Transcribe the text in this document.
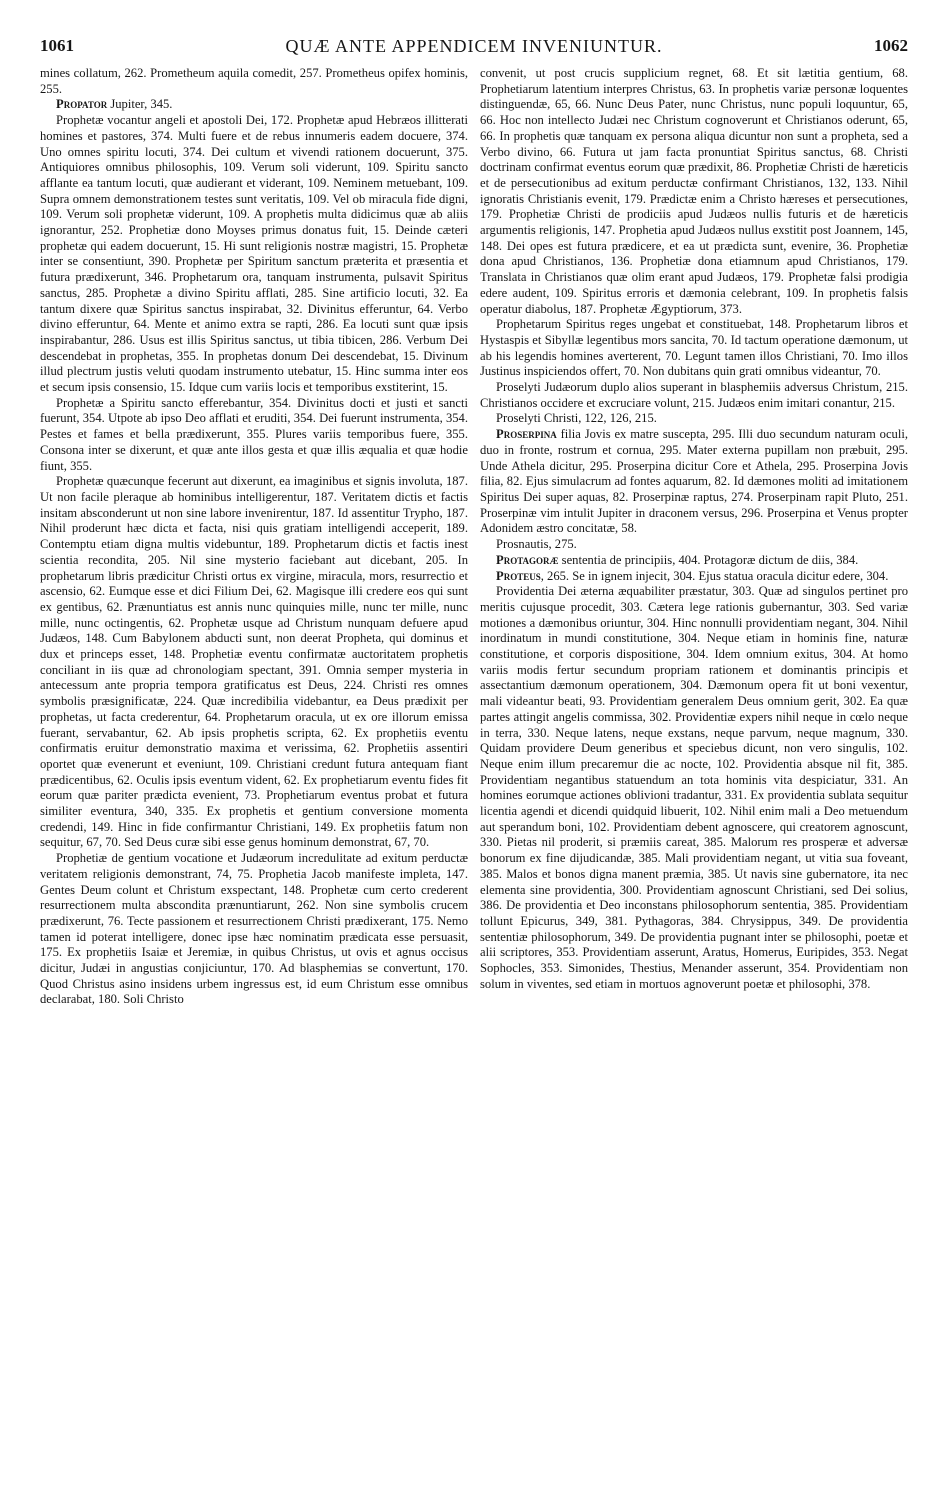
1061	QUÆ ANTE APPENDICEM INVENIUNTUR.	1062

mines collatum, 262. Prometheum aquila comedit, 257. Prometheus opifex hominis, 255.

Propator Jupiter, 345.

Prophetæ vocantur angeli et apostoli Dei, 172. Prophetæ apud Hebræos illitterati homines et pastores, 374. Multi fuere et de rebus innumeris eadem docuere, 374. Uno omnes spiritu locuti, 374. Dei cultum et vivendi rationem docuerunt, 375. Antiquiores omnibus philosophis, 109. Verum soli viderunt, 109. Spiritu sancto afflante ea tantum locuti, quæ audierant et viderant, 109. Neminem metuebant, 109. Supra omnem demonstrationem testes sunt veritatis, 109. Vel ob miracula fide digni, 109. Verum soli prophetæ viderunt, 109. A prophetis multa didicimus quæ ab aliis ignorantur, 252. Prophetiæ dono Moyses primus donatus fuit, 15. Deinde cæteri prophetæ qui eadem docuerunt, 15. Hi sunt religionis nostræ magistri, 15. Prophetæ inter se consentiunt, 390. Prophetæ per Spiritum sanctum præterita et præsentia et futura prædixerunt, 346. Prophetarum ora, tanquam instrumenta, pulsavit Spiritus sanctus, 285. Prophetæ a divino Spiritu afflati, 285. Sine artificio locuti, 32. Ea tantum dixere quæ Spiritus sanctus inspirabat, 32. Divinitus efferuntur, 64. Verbo divino efferuntur, 64. Mente et animo extra se rapti, 286. Ea locuti sunt quæ ipsis inspirabantur, 286. Usus est illis Spiritus sanctus, ut tibia tibicen, 286. Verbum Dei descendebat in prophetas, 355. In prophetas donum Dei descendebat, 15. Divinum illud plectrum justis veluti quodam instrumento utebatur, 15. Hinc summa inter eos et secum ipsis consensio, 15. Idque cum variis locis et temporibus exstiterint, 15.

Prophetæ a Spiritu sancto efferebantur, 354. Divinitus docti et justi et sancti fuerunt, 354. Utpote ab ipso Deo afflati et eruditi, 354. Dei fuerunt instrumenta, 354. Pestes et fames et bella prædixerunt, 355. Plures variis temporibus fuere, 355. Consona inter se dixerunt, et quæ ante illos gesta et quæ illis æqualia et quæ hodie fiunt, 355.

Prophetæ quæcunque fecerunt aut dixerunt, ea imaginibus et signis involuta, 187. Ut non facile pleraque ab hominibus intelligerentur, 187. Veritatem dictis et factis insitam absconderunt ut non sine labore invenirentur, 187. Id assentitur Trypho, 187. Nihil proderunt hæc dicta et facta, nisi quis gratiam intelligendi acceperit, 189. Contemptu etiam digna multis videbuntur, 189. Prophetarum dictis et factis inest scientia recondita, 205. Nil sine mysterio faciebant aut dicebant, 205. In prophetarum libris prædicitur Christi ortus ex virgine, miracula, mors, resurrectio et ascensio, 62. Eumque esse et dici Filium Dei, 62. Magisque illi credere eos qui sunt ex gentibus, 62. Prænuntiatus est annis nunc quinquies mille, nunc ter mille, nunc mille, nunc octingentis, 62. Prophetæ usque ad Christum nunquam defuere apud Judæos, 148. Cum Babylonem abducti sunt, non deerat Propheta, qui dominus et dux et princeps esset, 148. Prophetiæ eventu confirmatæ auctoritatem prophetis conciliant in iis quæ ad chronologiam spectant, 391. Omnia semper mysteria in antecessum ante propria tempora gratificatus est Deus, 224. Christi res omnes symbolis præsignificatæ, 224. Quæ incredibilia videbantur, ea Deus prædixit per prophetas, ut facta crederentur, 64. Prophetarum oracula, ut ex ore illorum emissa fuerant, servabantur, 62. Ab ipsis prophetis scripta, 62. Ex prophetiis eventu confirmatis eruitur demonstratio maxima et verissima, 62. Prophetiis assentiri oportet quæ evenerunt et eveniunt, 109. Christiani credunt futura antequam fiant prædicentibus, 62. Oculis ipsis eventum vident, 62. Ex prophetiarum eventu fides fit eorum quæ pariter prædicta evenient, 73. Prophetiarum eventus probat et futura similiter eventura, 340, 335. Ex prophetis et gentium conversione momenta credendi, 149. Hinc in fide confirmantur Christiani, 149. Ex prophetiis fatum non sequitur, 67, 70. Sed Deus curæ sibi esse genus hominum demonstrat, 67, 70.

Prophetiæ de gentium vocatione et Judæorum incredulitate ad exitum perductæ veritatem religionis demonstrant, 74, 75. Prophetia Jacob manifeste impleta, 147. Gentes Deum colunt et Christum exspectant, 148. Prophetæ cum certo crederent resurrectionem multa abscondita prænuntiarunt, 262. Non sine symbolis crucem prædixerunt, 76. Tecte passionem et resurrectionem Christi prædixerant, 175. Nemo tamen id poterat intelligere, donec ipse hæc nominatim prædicata esse persuasit, 175. Ex prophetiis Isaiæ et Jeremiæ, in quibus Christus, ut ovis et agnus occisus dicitur, Judæi in angustias conjiciuntur, 170. Ad blasphemias se convertunt, 170. Quod Christus asino insidens urbem ingressus est, id eum Christum esse omnibus declarabat, 180. Soli Christo

convenit, ut post crucis supplicium regnet, 68. Et sit lætitia gentium, 68. Prophetiarum latentium interpres Christus, 63. In prophetis variæ personæ loquentes distinguendæ, 65, 66. Nunc Deus Pater, nunc Christus, nunc populi loquuntur, 65, 66. Hoc non intellecto Judæi nec Christum cognoverunt et Christianos oderunt, 65, 66. In prophetis quæ tanquam ex persona aliqua dicuntur non sunt a propheta, sed a Verbo divino, 66. Futura ut jam facta pronuntiat Spiritus sanctus, 68. Christi doctrinam confirmat eventus eorum quæ prædixit, 86. Prophetiæ Christi de hæreticis et de persecutionibus ad exitum perductæ confirmant Christianos, 132, 133. Nihil ignoratis Christianis evenit, 179. Prædictæ enim a Christo hæreses et persecutiones, 179. Prophetiæ Christi de prodiciis apud Judæos nullis futuris et de hæreticis argumentis religionis, 147. Prophetia apud Judæos nullus exstitit post Joannem, 145, 148. Dei opes est futura prædicere, et ea ut prædicta sunt, evenire, 36. Prophetiæ dona apud Christianos, 136. Prophetiæ dona etiamnum apud Christianos, 179. Translata in Christianos quæ olim erant apud Judæos, 179. Prophetæ falsi prodigia edere audent, 109. Spiritus erroris et dæmonia celebrant, 109. In prophetis falsis operatur diabolus, 187. Prophetæ Ægyptiorum, 373.

Prophetarum Spiritus reges ungebat et constituebat, 148. Prophetarum libros et Hystaspis et Sibyllæ legentibus mors sancita, 70. Id tactum operatione dæmonum, ut ab his legendis homines averterent, 70. Legunt tamen illos Christiani, 70. Imo illos Justinus inspiciendos offert, 70. Non dubitans quin grati omnibus videantur, 70.

Proselyti Judæorum duplo alios superant in blasphemiis adversus Christum, 215. Christianos occidere et excruciare volunt, 215. Judæos enim imitari conantur, 215.

Proselyti Christi, 122, 126, 215.

Proserpina filia Jovis ex matre suscepta, 295. Illi duo secundum naturam oculi, duo in fronte, rostrum et cornua, 295. Mater externa pupillam non præbuit, 295. Unde Athela dicitur, 295. Proserpina dicitur Core et Athela, 295. Proserpina Jovis filia, 82. Ejus simulacrum ad fontes aquarum, 82. Id dæmones moliti ad imitationem Spiritus Dei super aquas, 82. Proserpinæ raptus, 274. Proserpinam rapit Pluto, 251. Proserpinæ vim intulit Jupiter in draconem versus, 296. Proserpina et Venus propter Adonidem æstro concitatæ, 58.

Prosnautis, 275.

Protagoræ sententia de principiis, 404. Protagoræ dictum de diis, 384.

Proteus, 265. Se in ignem injecit, 304. Ejus statua oracula dicitur edere, 304.

Providentia Dei æterna æquabiliter præstatur, 303. Quæ ad singulos pertinet pro meritis cujusque procedit, 303. Cætera lege rationis gubernantur, 303. Sed variæ motiones a dæmonibus oriuntur, 304. Hinc nonnulli providentiam negant, 304. Nihil inordinatum in mundi constitutione, 304. Neque etiam in hominis fine, naturæ constitutione, et corporis dispositione, 304. Idem omnium exitus, 304. At homo variis modis fertur secundum propriam rationem et dominantis principis et assectantium dæmonum operationem, 304. Dæmonum opera fit ut boni vexentur, mali videantur beati, 93. Providentiam generalem Deus omnium gerit, 302. Ea quæ partes attingit angelis commissa, 302. Providentiæ expers nihil neque in cœlo neque in terra, 330. Neque latens, neque exstans, neque parvum, neque magnum, 330. Quidam providere Deum generibus et speciebus dicunt, non vero singulis, 102. Neque enim illum precaremur die ac nocte, 102. Providentia absque nil fit, 385. Providentiam negantibus statuendum an tota hominis vita despiciatur, 331. An homines eorumque actiones oblivioni tradantur, 331. Ex providentia sublata sequitur licentia agendi et dicendi quidquid libuerit, 102. Nihil enim mali a Deo metuendum aut sperandum boni, 102. Providentiam debent agnoscere, qui creatorem agnoscunt, 330. Pietas nil proderit, si præmiis careat, 385. Malorum res prosperæ et adversæ bonorum ex fine dijudicandæ, 385. Mali providentiam negant, ut vitia sua foveant, 385. Malos et bonos digna manent præmia, 385. Ut navis sine gubernatore, ita nec elementa sine providentia, 300. Providentiam agnoscunt Christiani, sed Dei solius, 386. De providentia et Deo inconstans philosophorum sententia, 385. Providentiam tollunt Epicurus, 349, 381. Pythagoras, 384. Chrysippus, 349. De providentia sententiæ philosophorum, 349. De providentia pugnant inter se philosophi, poetæ et alii scriptores, 353. Providentiam asserunt, Aratus, Homerus, Euripides, 353. Negat Sophocles, 353. Simonides, Thestius, Menander asserunt, 354. Providentiam non solum in viventes, sed etiam in mortuos agnoverunt poetæ et philosophi, 378.
